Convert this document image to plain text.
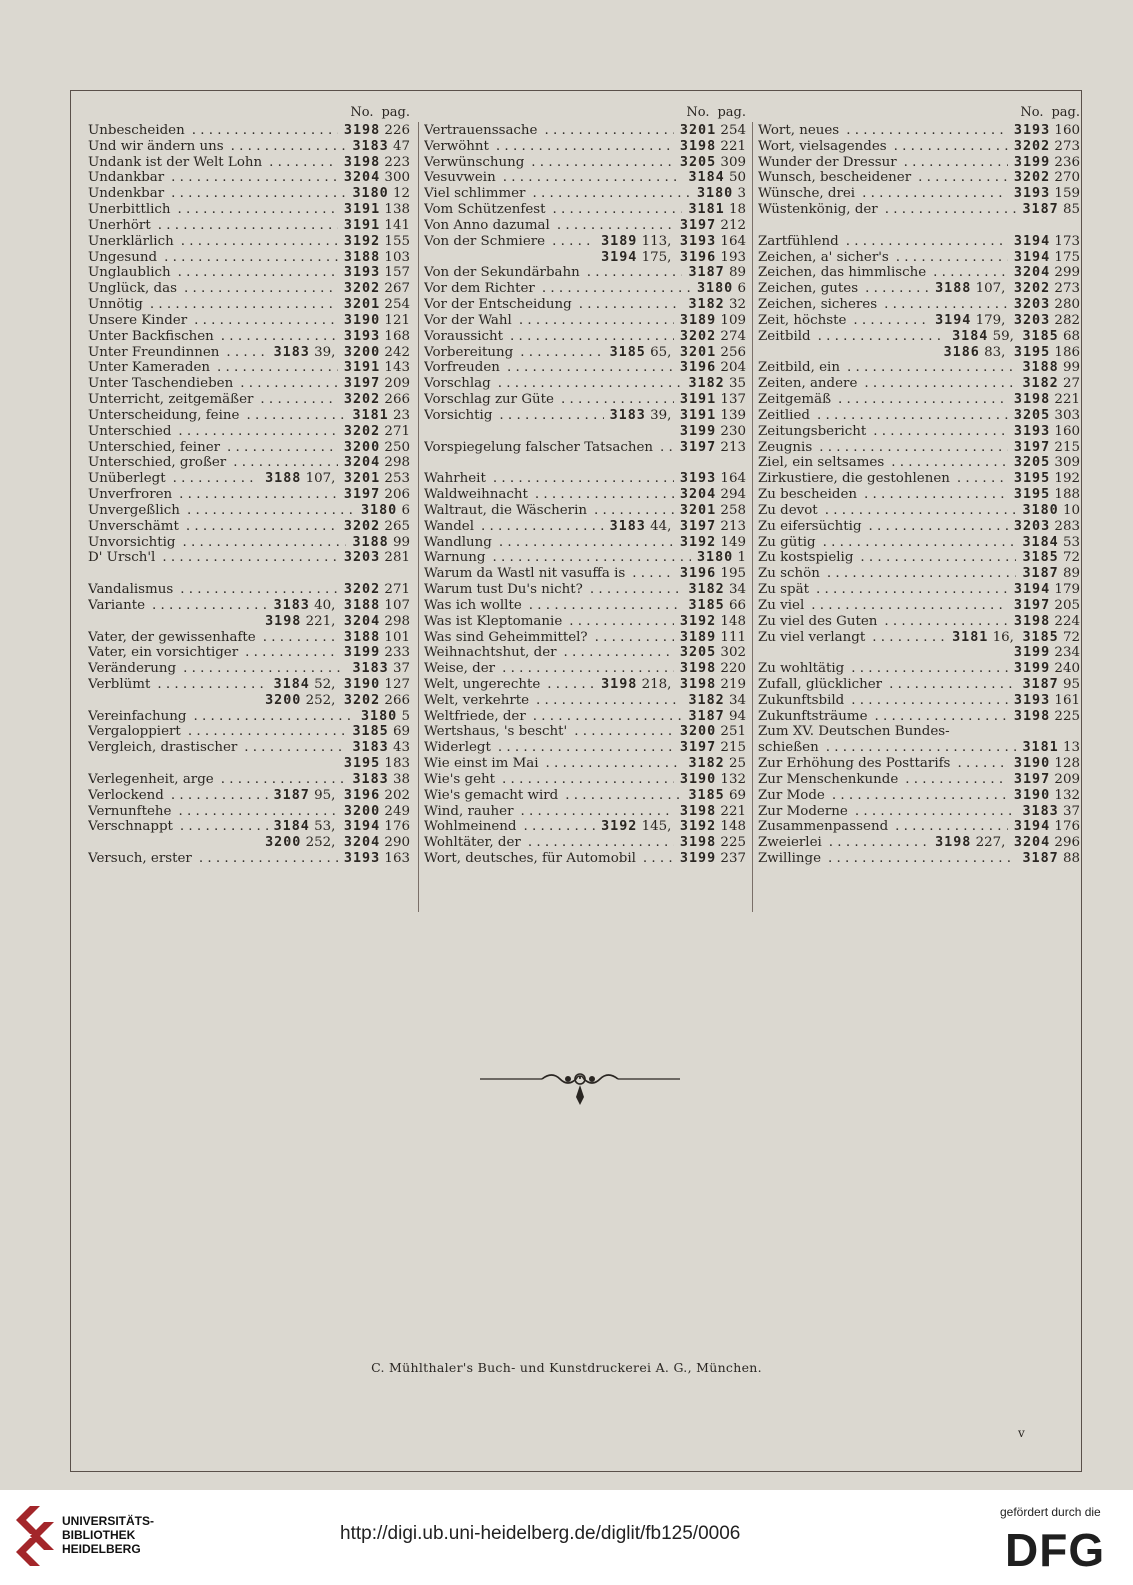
No. pag.
Unbescheiden . . .	3198 226
Und wir ändern uns . . .	3183 47
Undank ist der Welt Lohn . . .	3198 223
Undankbar . . .	3204 300
Undenkbar . . .	3180 12
Unerbittlich . . .	3191 138
Unerhört . . .	3191 141
Unerklärlich . . .	3192 155
Ungesund . . .	3188 103
Unglaublich . . .	3193 157
Unglück, das . . .	3202 267
Unnötig . . .	3201 254
Unsere Kinder . . .	3190 121
Unter Backfischen . . .	3193 168
Unter Freundinnen . . .	3183 39, 3200 242
Unter Kameraden . . .	3191 143
Unter Taschendieben . . .	3197 209
Unterricht, zeitgemäßer . . .	3202 266
Unterscheidung, feine . . .	3181 23
Unterschied . . .	3202 271
Unterschied, feiner . . .	3200 250
Unterschied, großer . . .	3204 298
Unüberlegt . . .	3188 107, 3201 253
Unverfroren . . .	3197 206
Unvergeßlich . . .	3180 6
Unverschämt . . .	3202 265
Unvorsichtig . . .	3188 99
D' Ursch'l . . .	3203 281
Vandalismus . . .	3202 271
Variante . . .	3183 40, 3188 107
3198 221, 3204 298
Vater, der gewissenhafte . . .	3188 101
Vater, ein vorsichtiger . . .	3199 233
Veränderung . . .	3183 37
Verblümt . . .	3184 52, 3190 127
3200 252, 3202 266
Vereinfachung . . .	3180 5
Vergaloppiert . . .	3185 69
Vergleich, drastischer . . .	3183 43
3195 183
Verlegenheit, arge . . .	3183 38
Verlockend . . .	3187 95, 3196 202
Vernunftehe . . .	3200 249
Verschnappt . . .	3184 53, 3194 176
3200 252, 3204 290
Versuch, erster . . .	3193 163
No. pag.
Vertrauenssache . . .	3201 254
Verwöhnt . . .	3198 221
Verwünschung . . .	3205 309
Vesuvwein . . .	3184 50
Viel schlimmer . . .	3180 3
Vom Schützenfest . . .	3181 18
Von Anno dazumal . . .	3197 212
Von der Schmiere . . .	3189 113, 3193 164
3194 175, 3196 193
Von der Sekundärbahn . . .	3187 89
Vor dem Richter . . .	3180 6
Vor der Entscheidung . . .	3182 32
Vor der Wahl . . .	3189 109
Voraussicht . . .	3202 274
Vorbereitung . . .	3185 65, 3201 256
Vorfreuden . . .	3196 204
Vorschlag . . .	3182 35
Vorschlag zur Güte . . .	3191 137
Vorsichtig . . .	3183 39, 3191 139
3199 230
Vorspiegelung falscher Tatsachen . . .	3197 213
Wahrheit . . .	3193 164
Waldweihnacht . . .	3204 294
Waltraut, die Wäscherin . . .	3201 258
Wandel . . .	3183 44, 3197 213
Wandlung . . .	3192 149
Warnung . . .	3180 1
Warum da Wastl nit vasuffa is . . .	3196 195
Warum tust Du's nicht? . . .	3182 34
Was ich wollte . . .	3185 66
Was ist Kleptomanie . . .	3192 148
Was sind Geheimmittel? . . .	3189 111
Weihnachtshut, der . . .	3205 302
Weise, der . . .	3198 220
Welt, ungerechte . . .	3198 218, 3198 219
Welt, verkehrte . . .	3182 34
Weltfriede, der . . .	3187 94
Wertshaus, 's bescht' . . .	3200 251
Widerlegt . . .	3197 215
Wie einst im Mai . . .	3182 25
Wie's geht . . .	3190 132
Wie's gemacht wird . . .	3185 69
Wind, rauher . . .	3198 221
Wohlmeinend . . .	3192 145, 3192 148
Wohltäter, der . . .	3198 225
Wort, deutsches, für Automobil . . .	3199 237
No. pag.
Wort, neues . . .	3193 160
Wort, vielsagendes . . .	3202 273
Wunder der Dressur . . .	3199 236
Wunsch, bescheidener . . .	3202 270
Wünsche, drei . . .	3193 159
Wüstenkönig, der . . .	3187 85
Zartfühlend . . .	3194 173
Zeichen, a' sicher's . . .	3194 175
Zeichen, das himmlische . . .	3204 299
Zeichen, gutes . . .	3188 107, 3202 273
Zeichen, sicheres . . .	3203 280
Zeit, höchste . . .	3194 179, 3203 282
Zeitbild . . .	3184 59, 3185 68
3186 83, 3195 186
Zeitbild, ein . . .	3188 99
Zeiten, andere . . .	3182 27
Zeitgemäß . . .	3198 221
Zeitlied . . .	3205 303
Zeitungsbericht . . .	3193 160
Zeugnis . . .	3197 215
Ziel, ein seltsames . . .	3205 309
Zirkustiere, die gestohlenen . . .	3195 192
Zu bescheiden . . .	3195 188
Zu devot . . .	3180 10
Zu eifersüchtig . . .	3203 283
Zu gütig . . .	3184 53
Zu kostspielig . . .	3185 72
Zu schön . . .	3187 89
Zu spät . . .	3194 179
Zu viel . . .	3197 205
Zu viel des Guten . . .	3198 224
Zu viel verlangt . . .	3181 16, 3185 72
3199 234
Zu wohltätig . . .	3199 240
Zufall, glücklicher . . .	3187 95
Zukunftsbild . . .	3193 161
Zukunftsträume . . .	3198 225
Zum XV. Deutschen Bundes-
schießen . . .	3181 13
Zur Erhöhung des Posttarifs . . .	3190 128
Zur Menschenkunde . . .	3197 209
Zur Mode . . .	3190 132
Zur Moderne . . .	3183 37
Zusammenpassend . . .	3194 176
Zweierlei . . .	3198 227, 3204 296
Zwillinge . . .	3187 88
C. Mühlthaler's Buch- und Kunstdruckerei A. G., München.
v
UNIVERSITÄTS-
BIBLIOTHEK
HEIDELBERG
http://digi.ub.uni-heidelberg.de/diglit/fb125/0006
gefördert durch die
DFG
